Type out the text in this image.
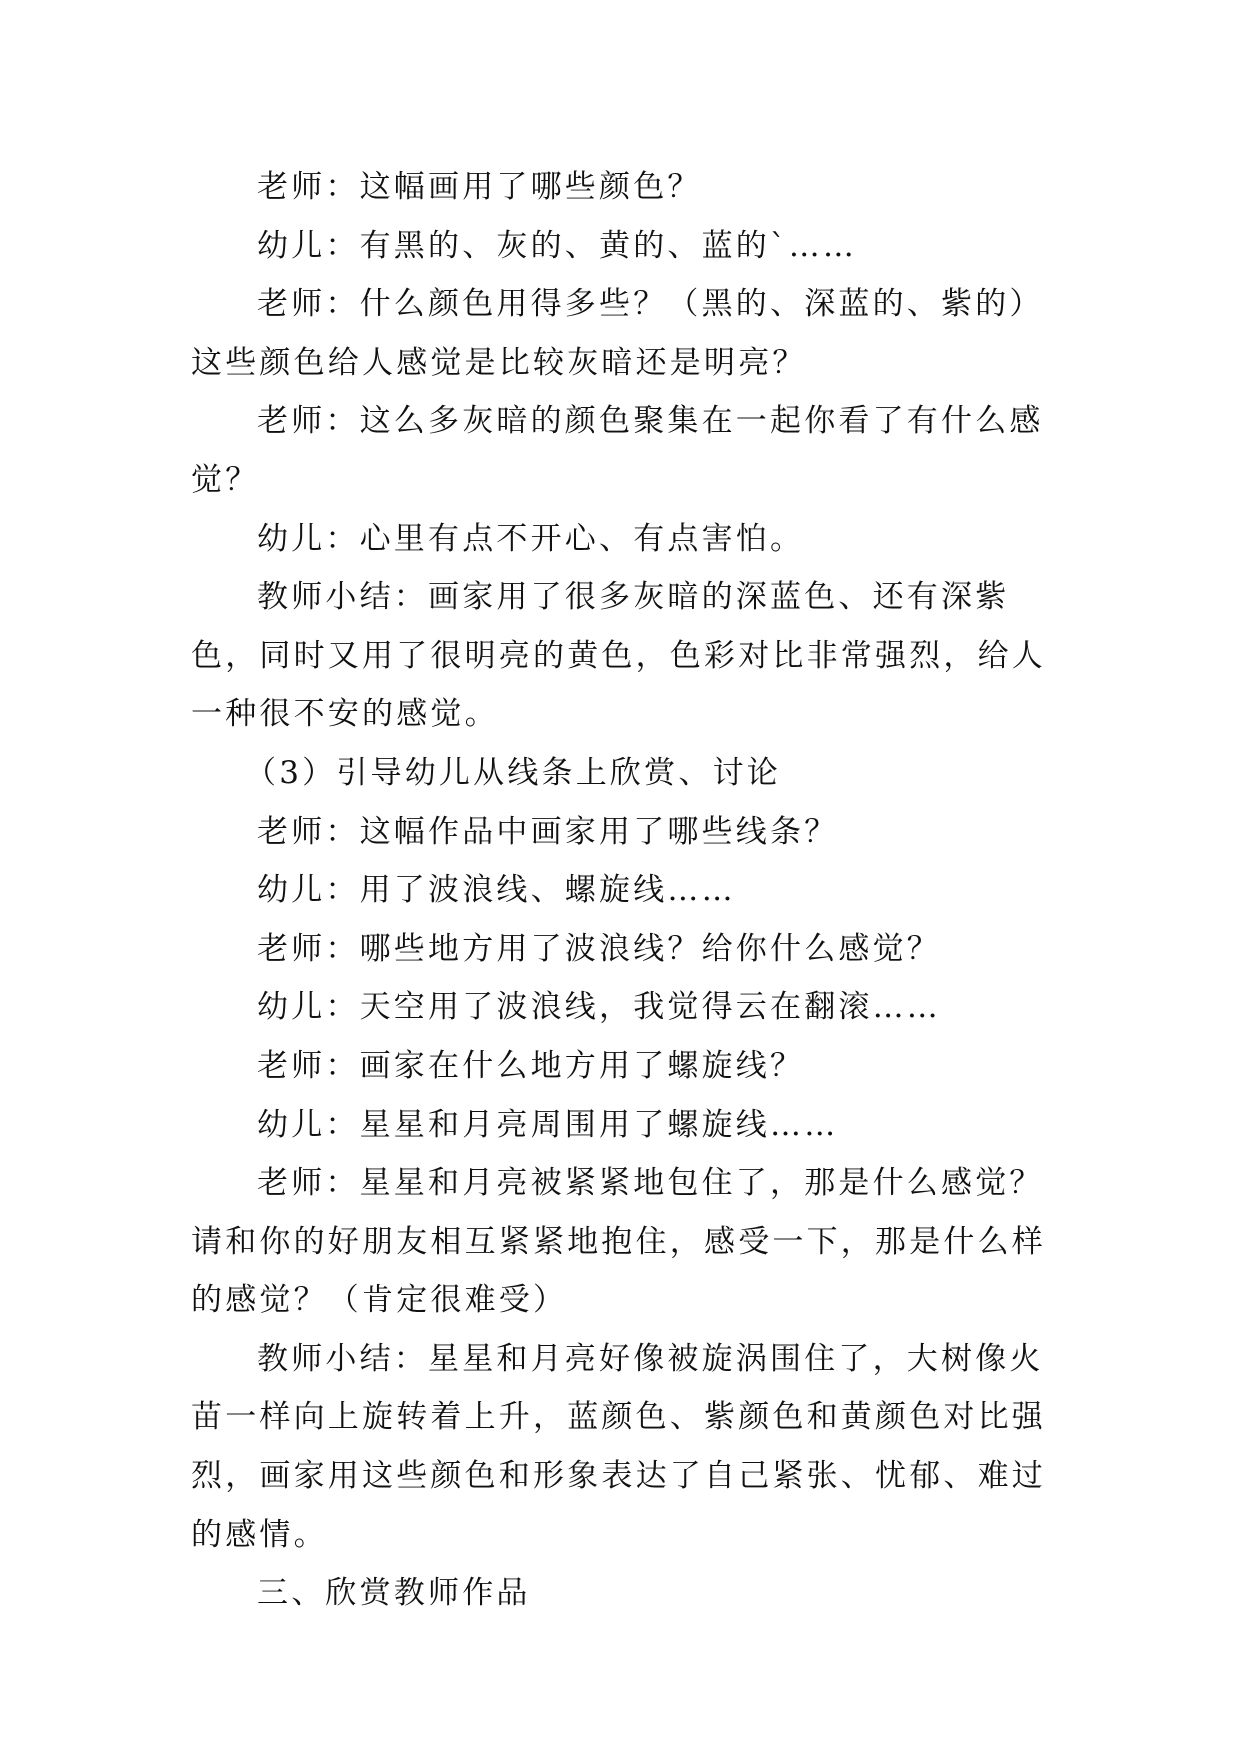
老师：这幅画用了哪些颜色？

幼儿：有黑的、灰的、黄的、蓝的`……

老师：什么颜色用得多些？（黑的、深蓝的、紫的）这些颜色给人感觉是比较灰暗还是明亮？

老师：这么多灰暗的颜色聚集在一起你看了有什么感觉？

幼儿：心里有点不开心、有点害怕。

教师小结：画家用了很多灰暗的深蓝色、还有深紫色，同时又用了很明亮的黄色，色彩对比非常强烈，给人一种很不安的感觉。

（3）引导幼儿从线条上欣赏、讨论

老师：这幅作品中画家用了哪些线条？

幼儿：用了波浪线、螺旋线……

老师：哪些地方用了波浪线？给你什么感觉？

幼儿：天空用了波浪线，我觉得云在翻滚……

老师：画家在什么地方用了螺旋线？

幼儿：星星和月亮周围用了螺旋线……

老师：星星和月亮被紧紧地包住了，那是什么感觉？请和你的好朋友相互紧紧地抱住，感受一下，那是什么样的感觉？（肯定很难受）

教师小结：星星和月亮好像被旋涡围住了，大树像火苗一样向上旋转着上升，蓝颜色、紫颜色和黄颜色对比强烈，画家用这些颜色和形象表达了自己紧张、忧郁、难过的感情。

三、欣赏教师作品
